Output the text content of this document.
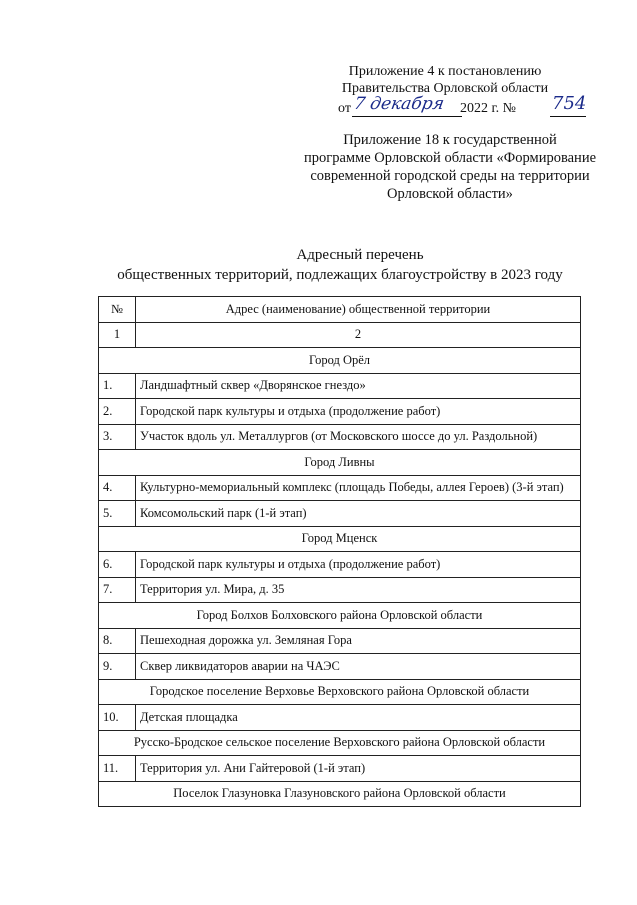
Приложение 4 к постановлению
Правительства Орловской области
от 7 декабря 2022 г. № 754
Приложение 18 к государственной
программе Орловской области «Формирование
современной городской среды на территории
Орловской области»
Адресный перечень
общественных территорий, подлежащих благоустройству в 2023 году
№	Адрес (наименование) общественной территории
1	2
Город Орёл	
1.	Ландшафтный сквер «Дворянское гнездо»
2.	Городской парк культуры и отдыха (продолжение работ)
3.	Участок вдоль ул. Металлургов (от Московского шоссе до ул. Раздольной)
Город Ливны	
4.	Культурно-мемориальный комплекс (площадь Победы, аллея Героев) (3-й этап)
5.	Комсомольский парк (1-й этап)
Город Мценск	
6.	Городской парк культуры и отдыха (продолжение работ)
7.	Территория ул. Мира, д. 35
Город Болхов Болховского района Орловской области	
8.	Пешеходная дорожка ул. Земляная Гора
9.	Сквер ликвидаторов аварии на ЧАЭС
Городское поселение Верховье Верховского района Орловской области	
10.	Детская площадка
Русско-Бродское сельское поселение Верховского района Орловской области	
11.	Территория ул. Ани Гайтеровой (1-й этап)
Поселок Глазуновка Глазуновского района Орловской области	
